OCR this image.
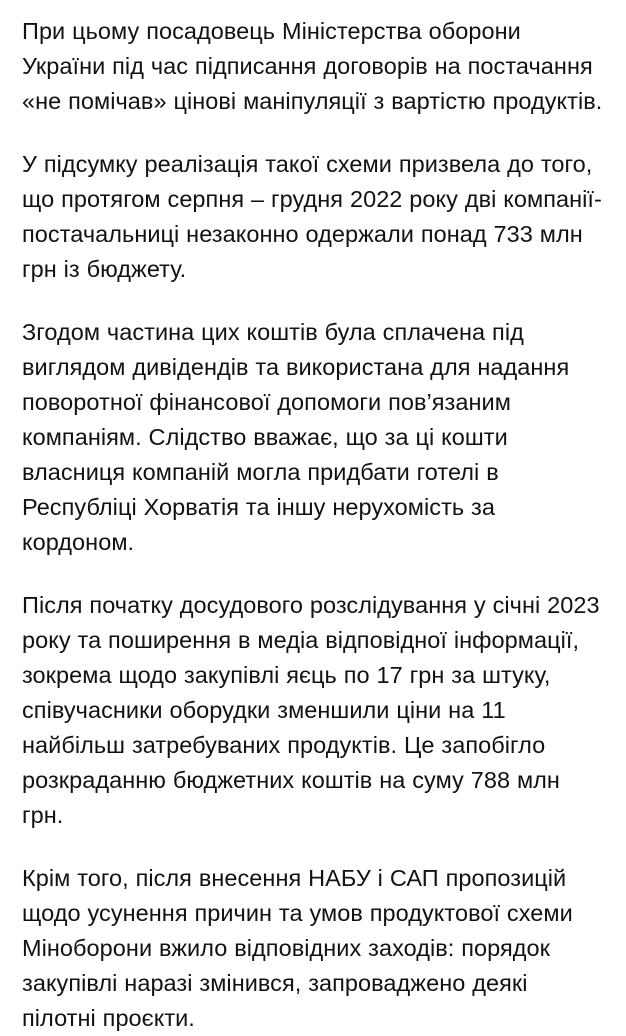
При цьому посадовець Міністерства оборони України під час підписання договорів на постачання «не помічав» цінові маніпуляції з вартістю продуктів.

У підсумку реалізація такої схеми призвела до того, що протягом серпня – грудня 2022 року дві компанії-постачальниці незаконно одержали понад 733 млн грн із бюджету.

Згодом частина цих коштів була сплачена під виглядом дивідендів та використана для надання поворотної фінансової допомоги пов’язаним компаніям. Слідство вважає, що за ці кошти власниця компаній могла придбати готелі в Республіці Хорватія та іншу нерухомість за кордоном.

Після початку досудового розслідування у січні 2023 року та поширення в медіа відповідної інформації, зокрема щодо закупівлі яєць по 17 грн за штуку, співучасники оборудки зменшили ціни на 11 найбільш затребуваних продуктів. Це запобігло розкраданню бюджетних коштів на суму 788 млн грн.

Крім того, після внесення НАБУ і САП пропозицій щодо усунення причин та умов продуктової схеми Міноборони вжило відповідних заходів: порядок закупівлі наразі змінився, запроваджено деякі пілотні проєкти.
